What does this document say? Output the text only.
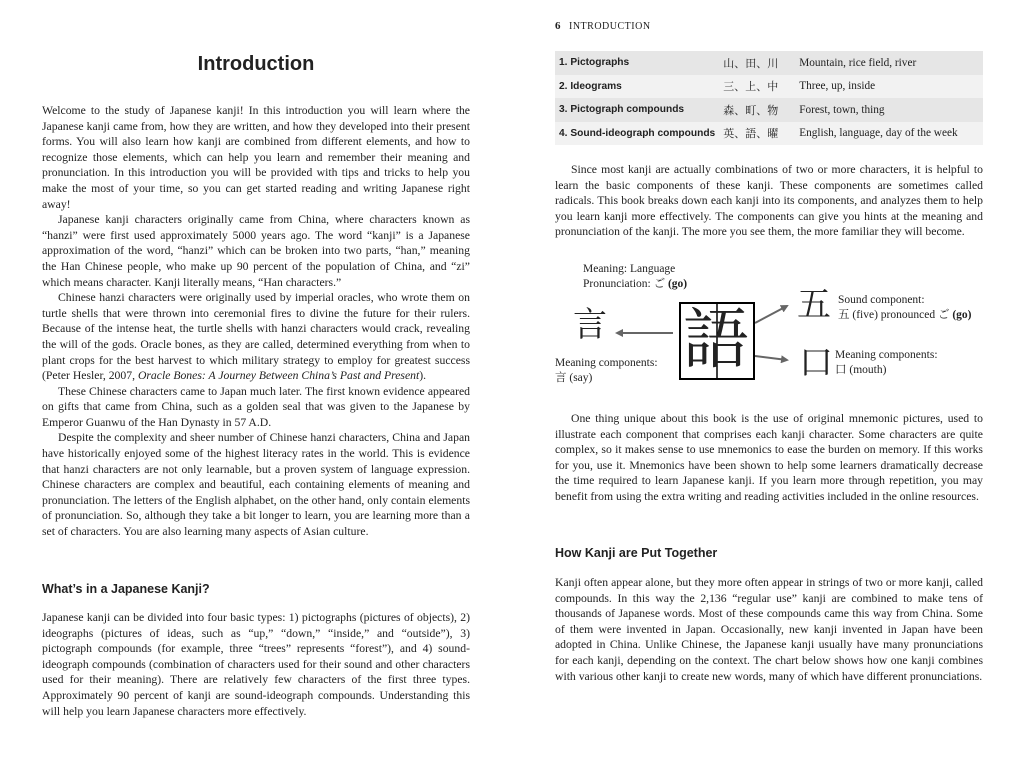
Introduction

Welcome to the study of Japanese kanji! In this introduction you will learn where the Japanese kanji came from, how they are written, and how they developed into their present forms. You will also learn how kanji are combined from different elements, and how to recognize those elements, which can help you learn and remember their meaning and pronunciation. In this introduction you will be provided with tips and tricks to help you make the most of your time, so you can get started reading and writing Japanese right away!

Japanese kanji characters originally came from China, where characters known as “hanzi” were first used approximately 5000 years ago. The word “kanji” is a Japanese approximation of the word, “hanzi” which can be broken into two parts, “han,” meaning the Han Chinese people, who make up 90 percent of the population of China, and “zi” which means character. Kanji literally means, “Han characters.”

Chinese hanzi characters were originally used by imperial oracles, who wrote them on turtle shells that were thrown into ceremonial fires to divine the future for their rulers. Because of the intense heat, the turtle shells with hanzi characters would crack, revealing the will of the gods. Oracle bones, as they are called, determined everything from when to plant crops for the best harvest to which military strategy to employ for greatest success (Peter Hesler, 2007, Oracle Bones: A Journey Between China’s Past and Present).

These Chinese characters came to Japan much later. The first known evidence appeared on gifts that came from China, such as a golden seal that was given to the Japanese by Emperor Guanwu of the Han Dynasty in 57 A.D.

Despite the complexity and sheer number of Chinese hanzi characters, China and Japan have historically enjoyed some of the highest literacy rates in the world. This is evidence that hanzi characters are not only learnable, but a proven system of language expression. Chinese characters are complex and beautiful, each containing elements of meaning and pronunciation. The letters of the English alphabet, on the other hand, only contain elements of pronunciation. So, although they take a bit longer to learn, you are learning more than a set of characters. You are also learning many aspects of Asian culture.

What’s in a Japanese Kanji?

Japanese kanji can be divided into four basic types: 1) pictographs (pictures of objects), 2) ideographs (pictures of ideas, such as “up,” “down,” “inside,” and “outside”), 3) pictograph compounds (for example, three “trees” represents “forest”), and 4) sound-ideograph compounds (combination of characters used for their sound and other characters used for their meaning). There are relatively few characters of the first three types. Approximately 90 percent of kanji are sound-ideograph compounds. Understanding this will help you learn Japanese characters more effectively.

6 INTRODUCTION
1. Pictographs	山、田、川	Mountain, rice field, river
2. Ideograms	三、上、中	Three, up, inside
3. Pictograph compounds	森、町、物	Forest, town, thing
4. Sound-ideograph compounds	英、語、曜	English, language, day of the week

Since most kanji are actually combinations of two or more characters, it is helpful to learn the basic components of these kanji. These components are sometimes called radicals. This book breaks down each kanji into its components, and analyzes them to help you learn kanji more effectively. The components can give you hints at the meaning and pronunciation of the kanji. The more you see them, the more familiar they will become.

Meaning: Language
Pronunciation: ご (go)
言 語
Meaning components:
言 (say)
五 Sound component:
五 (five) pronounced ご (go)
口 Meaning components:
口 (mouth)

One thing unique about this book is the use of original mnemonic pictures, used to illustrate each component that comprises each kanji character. Some characters are quite complex, so it makes sense to use mnemonics to ease the burden on memory. If this works for you, use it. Mnemonics have been shown to help some learners dramatically decrease the time required to learn Japanese kanji. If you learn more through repetition, you may benefit from using the extra writing and reading activities included in the online resources.

How Kanji are Put Together

Kanji often appear alone, but they more often appear in strings of two or more kanji, called compounds. In this way the 2,136 “regular use” kanji are combined to make tens of thousands of Japanese words. Most of these compounds came this way from China. Some of them were invented in Japan. Occasionally, new kanji invented in Japan have been adopted in China. Unlike Chinese, the Japanese kanji usually have many pronunciations for each kanji, depending on the context. The chart below shows how one kanji combines with various other kanji to create new words, many of which have different pronunciations.
